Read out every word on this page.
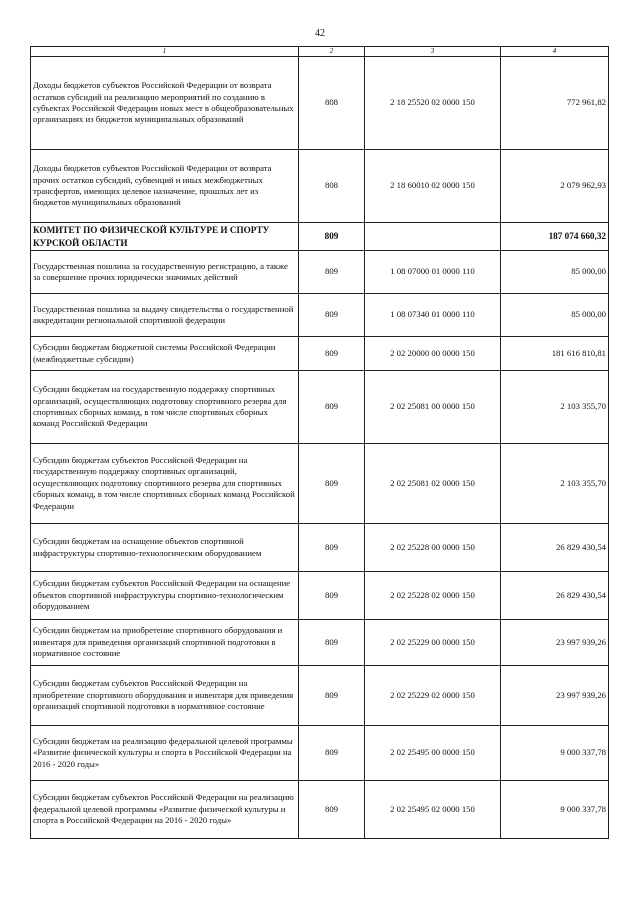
42
1	2	3	4
Доходы бюджетов субъектов Российской Федерации от возврата остатков субсидий на реализацию мероприятий по созданию в субъектах Российской Федерации новых мест в общеобразовательных организациях из бюджетов муниципальных образований	808	2 18 25520 02 0000 150	772 961,82
Доходы бюджетов субъектов Российской Федерации от возврата прочих остатков субсидий, субвенций и иных межбюджетных трансфертов, имеющих целевое назначение, прошлых лет из бюджетов муниципальных образований	808	2 18 60010 02 0000 150	2 079 962,93
КОМИТЕТ ПО ФИЗИЧЕСКОЙ КУЛЬТУРЕ И СПОРТУ КУРСКОЙ ОБЛАСТИ	809		187 074 660,32
Государственная пошлина за государственную регистрацию, а также за совершение прочих юридически значимых действий	809	1 08 07000 01 0000 110	85 000,00
Государственная пошлина за выдачу свидетельства о государственной аккредитации региональной спортивной федерации	809	1 08 07340 01 0000 110	85 000,00
Субсидии бюджетам бюджетной системы Российской Федерации (межбюджетные субсидии)	809	2 02 20000 00 0000 150	181 616 810,81
Субсидии бюджетам на государственную поддержку спортивных организаций, осуществляющих подготовку спортивного резерва для спортивных сборных команд, в том числе спортивных сборных команд Российской Федерации	809	2 02 25081 00 0000 150	2 103 355,70
Субсидии бюджетам субъектов Российской Федерации на государственную поддержку спортивных организаций, осуществляющих подготовку спортивного резерва для спортивных сборных команд, в том числе спортивных сборных команд Российской Федерации	809	2 02 25081 02 0000 150	2 103 355,70
Субсидии бюджетам на оснащение объектов спортивной инфраструктуры спортивно-технологическим оборудованием	809	2 02 25228 00 0000 150	26 829 430,54
Субсидии бюджетам субъектов Российской Федерации на оснащение объектов спортивной инфраструктуры спортивно-технологическим оборудованием	809	2 02 25228 02 0000 150	26 829 430,54
Субсидии бюджетам на приобретение спортивного оборудования и инвентаря для приведения организаций спортивной подготовки в нормативное состояние	809	2 02 25229 00 0000 150	23 997 939,26
Субсидии бюджетам субъектов Российской Федерации на приобретение спортивного оборудования и инвентаря для приведения организаций спортивной подготовки в нормативное состояние	809	2 02 25229 02 0000 150	23 997 939,26
Субсидии бюджетам на реализацию федеральной целевой программы «Развитие физической культуры и спорта в Российской Федерации на 2016 - 2020 годы»	809	2 02 25495 00 0000 150	9 000 337,78
Субсидии бюджетам субъектов Российской Федерации на реализацию федеральной целевой программы «Развитие физической культуры и спорта в Российской Федерации на 2016 - 2020 годы»	809	2 02 25495 02 0000 150	9 000 337,78
